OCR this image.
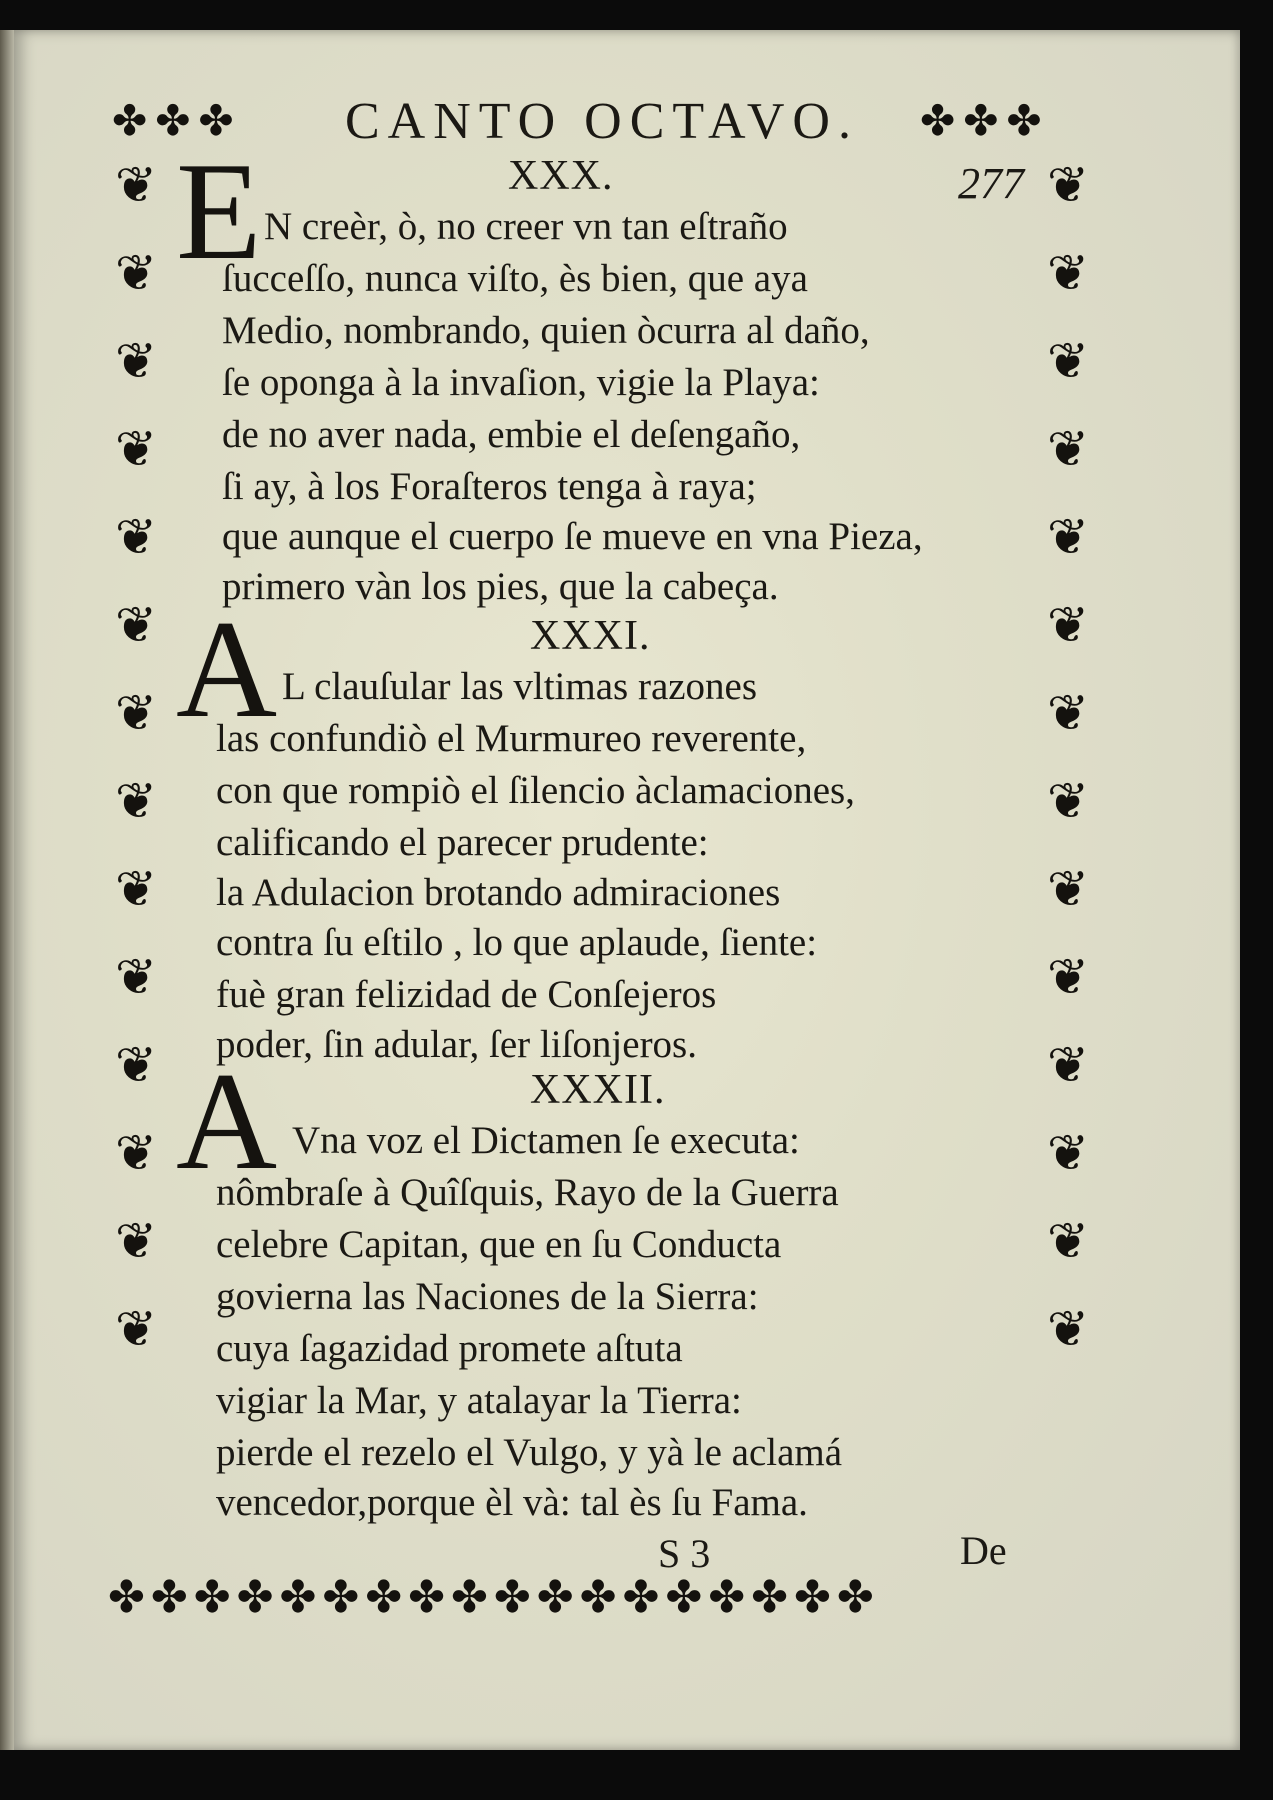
✤ ✤ ✤	✤ ✤ ✤
CANTO OCTAVO.
277
❦
❦
❦
❦
❦
❦
❦
❦
❦
❦
❦
❦
❦
❦
❦
❦
❦
❦
❦
❦
❦
❦
❦
❦
❦
❦
❦
❦
XXX.
E N creèr, ò, no creer vn tan eſtraño
ſucceſſo, nunca viſto, ès bien, que aya
Medio, nombrando, quien òcurra al daño,
ſe oponga à la invaſion, vigie la Playa:
de no aver nada, embie el deſengaño,
ſi ay, à los Foraſteros tenga à raya;
que aunque el cuerpo ſe mueve en vna Pieza,
primero vàn los pies, que la cabeça.
XXXI.
A L clauſular las vltimas razones
las confundiò el Murmureo reverente,
con que rompiò el ſilencio àclamaciones,
calificando el parecer prudente:
la Adulacion brotando admiraciones
contra ſu eſtilo , lo que aplaude, ſiente:
fuè gran felizidad de Conſejeros
poder, ſin adular, ſer liſonjeros.
XXXII.
A Vna voz el Dictamen ſe executa:
nômbraſe à Quîſquis, Rayo de la Guerra
celebre Capitan, que en ſu Conducta
govierna las Naciones de la Sierra:
cuya ſagazidad promete aſtuta
vigiar la Mar, y atalayar la Tierra:
pierde el rezelo el Vulgo, y yà le aclamá
vencedor,porque èl và: tal ès ſu Fama.
S 3	De
✤ ✤ ✤ ✤ ✤ ✤ ✤ ✤ ✤ ✤ ✤ ✤ ✤ ✤ ✤ ✤ ✤ ✤
